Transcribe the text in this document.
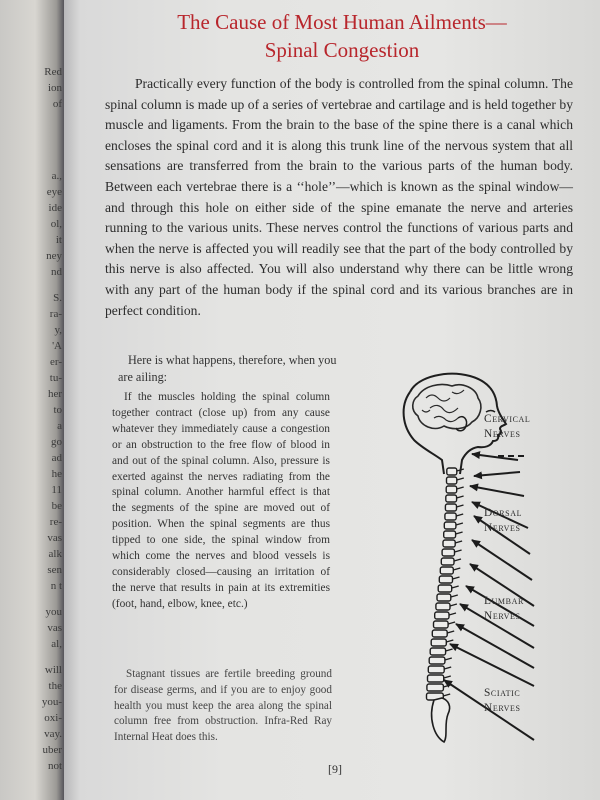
Red
ion
of
a.,
eye
ide
ol,
it
ney
nd
S.
ra-
y,
'A
er-
tu-
her
to
a
go
ad
he
11
be
re-
vas
alk
sen
n t
you
vas
al,
will
the
you-
oxi-
vay.
uber
not
The Cause of Most Human Ailments—
Spinal Congestion

Practically every function of the body is controlled from the spinal column. The spinal column is made up of a series of vertebrae and cartilage and is held together by muscle and ligaments. From the brain to the base of the spine there is a canal which encloses the spinal cord and it is along this trunk line of the nervous system that all sensations are transferred from the brain to the various parts of the human body. Between each vertebrae there is a ‘‘hole’’—which is known as the spinal window—and through this hole on either side of the spine emanate the nerve and arteries running to the various units. These nerves control the functions of various parts and when the nerve is affected you will readily see that the part of the body controlled by this nerve is also affected. You will also understand why there can be little wrong with any part of the human body if the spinal cord and its various branches are in perfect condition.

Here is what happens, therefore, when you are ailing:

If the muscles holding the spinal column together contract (close up) from any cause whatever they immediately cause a congestion or an obstruction to the free flow of blood in and out of the spinal column. Also, pressure is exerted against the nerves radiating from the spinal column. Another harmful effect is that the segments of the spine are moved out of position. When the spinal segments are thus tipped to one side, the spinal window from which come the nerves and blood vessels is considerably closed—causing an irritation of the nerve that results in pain at its extremities (foot, hand, elbow, knee, etc.)

Stagnant tissues are fertile breeding ground for disease germs, and if you are to enjoy good health you must keep the area along the spinal column free from obstruction. Infra-Red Ray Internal Heat does this.

[9]
Cervical
Nerves
Dorsal
Nerves
Lumbar
Nerves
Sciatic
Nerves
